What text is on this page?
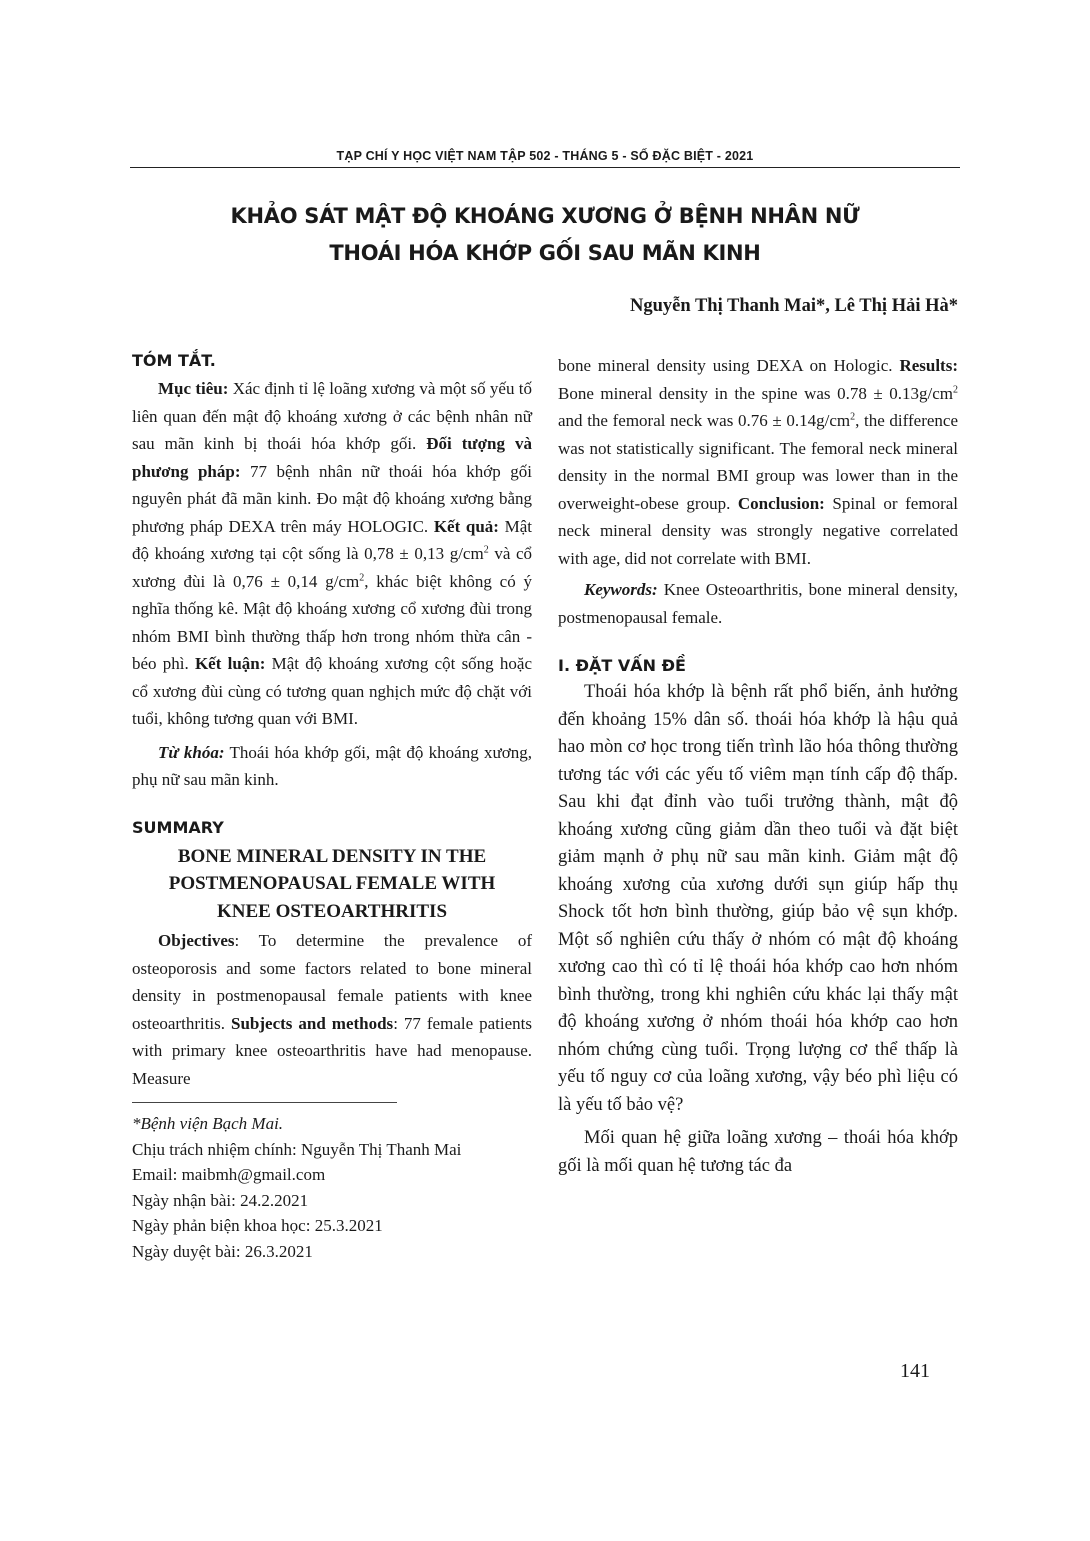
TẠP CHÍ Y HỌC VIỆT NAM TẬP 502 - THÁNG 5 - SỐ ĐẶC BIỆT - 2021
KHẢO SÁT MẬT ĐỘ KHOÁNG XƯƠNG Ở BỆNH NHÂN NỮ
THOÁI HÓA KHỚP GỐI SAU MÃN KINH
Nguyễn Thị Thanh Mai*, Lê Thị Hải Hà*
TÓM TẮT.

Mục tiêu: Xác định tỉ lệ loãng xương và một số yếu tố liên quan đến mật độ khoáng xương ở các bệnh nhân nữ sau mãn kinh bị thoái hóa khớp gối. Đối tượng và phương pháp: 77 bệnh nhân nữ thoái hóa khớp gối nguyên phát đã mãn kinh. Đo mật độ khoáng xương bằng phương pháp DEXA trên máy HOLOGIC. Kết quả: Mật độ khoáng xương tại cột sống là 0,78 ± 0,13 $g/cm^2$ và cổ xương đùi là 0,76 ± 0,14 $g/cm^2$, khác biệt không có ý nghĩa thống kê. Mật độ khoáng xương cổ xương đùi trong nhóm BMI bình thường thấp hơn trong nhóm thừa cân - béo phì. Kết luận: Mật độ khoáng xương cột sống hoặc cổ xương đùi cùng có tương quan nghịch mức độ chặt với tuổi, không tương quan với BMI.

Từ khóa: Thoái hóa khớp gối, mật độ khoáng xương, phụ nữ sau mãn kinh.

SUMMARY
BONE MINERAL DENSITY IN THE
POSTMENOPAUSAL FEMALE WITH
KNEE OSTEOARTHRITIS

Objectives: To determine the prevalence of osteoporosis and some factors related to bone mineral density in postmenopausal female patients with knee osteoarthritis. Subjects and methods: 77 female patients with primary knee osteoarthritis have had menopause. Measure

*Bệnh viện Bạch Mai.

Chịu trách nhiệm chính: Nguyễn Thị Thanh Mai

Email: maibmh@gmail.com

Ngày nhận bài: 24.2.2021

Ngày phản biện khoa học: 25.3.2021

Ngày duyệt bài: 26.3.2021

bone mineral density using DEXA on Hologic. Results: Bone mineral density in the spine was $0.78 \pm 0.13g/cm^2$ and the femoral neck was $0.76 \pm 0.14g/cm^2$, the difference was not statistically significant. The femoral neck mineral density in the normal BMI group was lower than in the overweight-obese group. Conclusion: Spinal or femoral neck mineral density was strongly negative correlated with age, did not correlate with BMI.

Keywords: Knee Osteoarthritis, bone mineral density, postmenopausal female.

I. ĐẶT VẤN ĐỀ

Thoái hóa khớp là bệnh rất phổ biến, ảnh hưởng đến khoảng 15% dân số. thoái hóa khớp là hậu quả hao mòn cơ học trong tiến trình lão hóa thông thường tương tác với các yếu tố viêm mạn tính cấp độ thấp. Sau khi đạt đỉnh vào tuổi trưởng thành, mật độ khoáng xương cũng giảm dần theo tuổi và đặt biệt giảm mạnh ở phụ nữ sau mãn kinh. Giảm mật độ khoáng xương của xương dưới sụn giúp hấp thụ Shock tốt hơn bình thường, giúp bảo vệ sụn khớp. Một số nghiên cứu thấy ở nhóm có mật độ khoáng xương cao thì có tỉ lệ thoái hóa khớp cao hơn nhóm bình thường, trong khi nghiên cứu khác lại thấy mật độ khoáng xương ở nhóm thoái hóa khớp cao hơn nhóm chứng cùng tuổi. Trọng lượng cơ thể thấp là yếu tố nguy cơ của loãng xương, vậy béo phì liệu có là yếu tố bảo vệ?

Mối quan hệ giữa loãng xương – thoái hóa khớp gối là mối quan hệ tương tác đa

141
